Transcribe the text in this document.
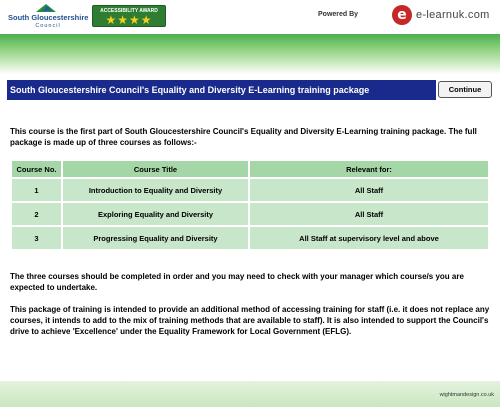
South Gloucestershire
Council
ACCESSIBILITY AWARD
★★★★	Powered By	e e-learnuk.com
South Gloucestershire Council's Equality and Diversity E-Learning training package	Continue

This course is the first part of South Gloucestershire Council's Equality and Diversity E-Learning training package. The full package is made up of three courses as follows:-

Course No.	Course Title	Relevant for:
1	Introduction to Equality and Diversity	All Staff
2	Exploring Equality and Diversity	All Staff
3	Progressing Equality and Diversity	All Staff at supervisory level and above

The three courses should be completed in order and you may need to check with your manager which course/s you are expected to undertake.

This package of training is intended to provide an additional method of accessing training for staff (i.e. it does not replace any courses, it intends to add to the mix of training methods that are available to staff). It is also intended to support the Council's drive to achieve 'Excellence' under the Equality Framework for Local Government (EFLG).

wightmandesign.co.uk
